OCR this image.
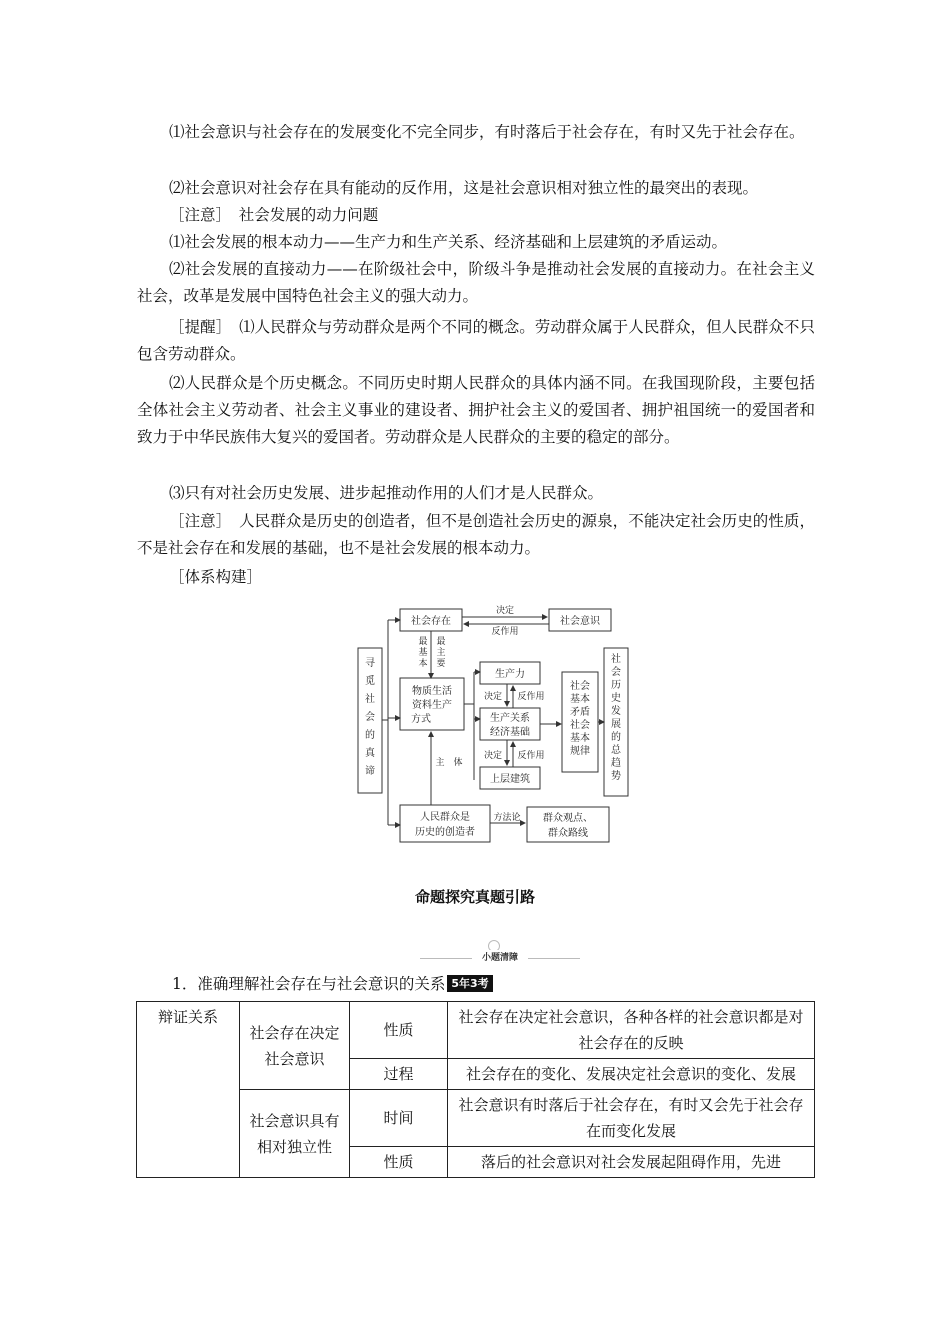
⑴社会意识与社会存在的发展变化不完全同步，有时落后于社会存在，有时又先于社会存在。

⑵社会意识对社会存在具有能动的反作用，这是社会意识相对独立性的最突出的表现。

［注意］　社会发展的动力问题

⑴社会发展的根本动力——生产力和生产关系、经济基础和上层建筑的矛盾运动。

⑵社会发展的直接动力——在阶级社会中，阶级斗争是推动社会发展的直接动力。在社会主义社会，改革是发展中国特色社会主义的强大动力。

［提醒］　⑴人民群众与劳动群众是两个不同的概念。劳动群众属于人民群众，但人民群众不只包含劳动群众。

⑵人民群众是个历史概念。不同历史时期人民群众的具体内涵不同。在我国现阶段，主要包括全体社会主义劳动者、社会主义事业的建设者、拥护社会主义的爱国者、拥护祖国统一的爱国者和致力于中华民族伟大复兴的爱国者。劳动群众是人民群众的主要的稳定的部分。

⑶只有对社会历史发展、进步起推动作用的人们才是人民群众。

［注意］　人民群众是历史的创造者，但不是创造社会历史的源泉，不能决定社会历史的性质，不是社会存在和发展的基础，也不是社会发展的根本动力。

［体系构建］

寻
觅
社
会
的
真
谛
社会存在	社会意识
决定
反作用
最
基
本
最
主
要
物质生活
资料生产
方式
生产力
生产关系
经济基础
上层建筑
决定 反作用
决定 反作用
社会
基本
矛盾
社会
基本
规律
社
会
历
史
发
展
的
总
趋
势
主　体
人民群众是
历史的创造者
方法论 群众观点、
群众路线
命题探究真题引路
小题清障
1．准确理解社会存在与社会意识的关系 5年3考
辩证关系	社会存在决定社会意识	性质	社会存在决定社会意识，各种各样的社会意识都是对社会存在的反映
		过程	社会存在的变化、发展决定社会意识的变化、发展
	社会意识具有相对独立性	时间	社会意识有时落后于社会存在，有时又会先于社会存在而变化发展
		性质	落后的社会意识对社会发展起阻碍作用，先进
